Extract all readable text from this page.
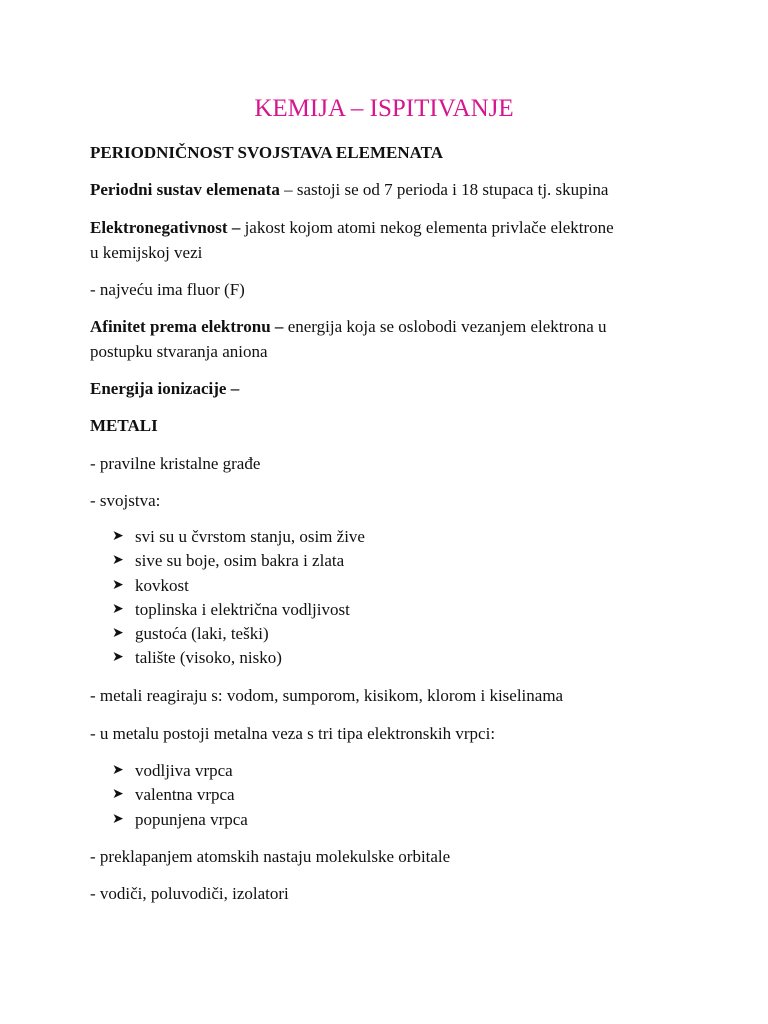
KEMIJA – ISPITIVANJE

PERIODNIČNOST SVOJSTAVA ELEMENATA

Periodni sustav elemenata – sastoji se od 7 perioda i 18 stupaca tj. skupina

Elektronegativnost – jakost kojom atomi nekog elementa privlače elektrone

u kemijskoj vezi

- najveću ima fluor (F)

Afinitet prema elektronu – energija koja se oslobodi vezanjem elektrona u

postupku stvaranja aniona

Energija ionizacije –

METALI

- pravilne kristalne građe

- svojstva:

➤ svi su u čvrstom stanju, osim žive
➤ sive su boje, osim bakra i zlata
➤ kovkost
➤ toplinska i električna vodljivost
➤ gustoća (laki, teški)
➤ talište (visoko, nisko)

- metali reagiraju s: vodom, sumporom, kisikom, klorom i kiselinama

- u metalu postoji metalna veza s tri tipa elektronskih vrpci:

➤ vodljiva vrpca
➤ valentna vrpca
➤ popunjena vrpca

- preklapanjem atomskih nastaju molekulske orbitale

- vodiči, poluvodiči, izolatori
